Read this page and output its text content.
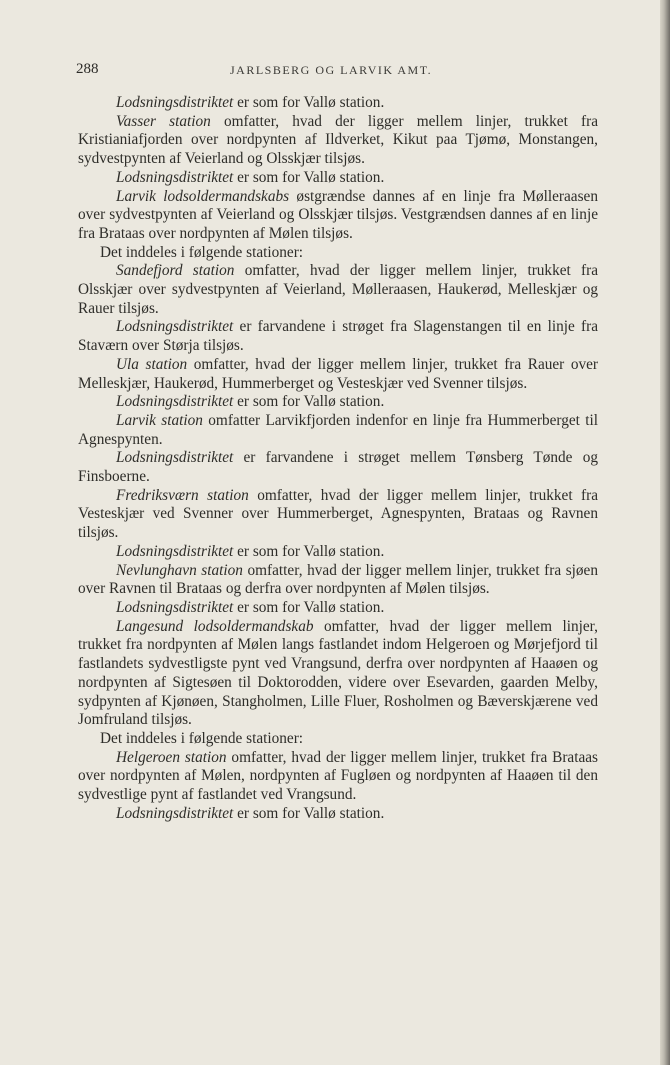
288	JARLSBERG OG LARVIK AMT.

Lodsningsdistriktet er som for Vallø station.

Vasser station omfatter, hvad der ligger mellem linjer, trukket fra Kristianiafjorden over nordpynten af Ildverket, Kikut paa Tjømø, Monstangen, sydvestpynten af Veierland og Olsskjær tilsjøs.

Lodsningsdistriktet er som for Vallø station.

Larvik lodsoldermandskabs østgrændse dannes af en linje fra Mølleraasen over sydvestpynten af Veierland og Olsskjær tilsjøs. Vestgrændsen dannes af en linje fra Brataas over nordpynten af Mølen tilsjøs.

Det inddeles i følgende stationer:

Sandefjord station omfatter, hvad der ligger mellem linjer, trukket fra Olsskjær over sydvestpynten af Veierland, Mølleraasen, Haukerød, Melleskjær og Rauer tilsjøs.

Lodsningsdistriktet er farvandene i strøget fra Slagenstangen til en linje fra Staværn over Størja tilsjøs.

Ula station omfatter, hvad der ligger mellem linjer, trukket fra Rauer over Melleskjær, Haukerød, Hummerberget og Vesteskjær ved Svenner tilsjøs.

Lodsningsdistriktet er som for Vallø station.

Larvik station omfatter Larvikfjorden indenfor en linje fra Hummerberget til Agnespynten.

Lodsningsdistriktet er farvandene i strøget mellem Tønsberg Tønde og Finsboerne.

Fredriksværn station omfatter, hvad der ligger mellem linjer, trukket fra Vesteskjær ved Svenner over Hummerberget, Agnespynten, Brataas og Ravnen tilsjøs.

Lodsningsdistriktet er som for Vallø station.

Nevlunghavn station omfatter, hvad der ligger mellem linjer, trukket fra sjøen over Ravnen til Brataas og derfra over nordpynten af Mølen tilsjøs.

Lodsningsdistriktet er som for Vallø station.

Langesund lodsoldermandskab omfatter, hvad der ligger mellem linjer, trukket fra nordpynten af Mølen langs fastlandet indom Helgeroen og Mørjefjord til fastlandets sydvestligste pynt ved Vrangsund, derfra over nordpynten af Haaøen og nordpynten af Sigtesøen til Doktorodden, videre over Esevarden, gaarden Melby, sydpynten af Kjønøen, Stangholmen, Lille Fluer, Rosholmen og Bæverskjærene ved Jomfruland tilsjøs.

Det inddeles i følgende stationer:

Helgeroen station omfatter, hvad der ligger mellem linjer, trukket fra Brataas over nordpynten af Mølen, nordpynten af Fugløen og nordpynten af Haaøen til den sydvestlige pynt af fastlandet ved Vrangsund.

Lodsningsdistriktet er som for Vallø station.
